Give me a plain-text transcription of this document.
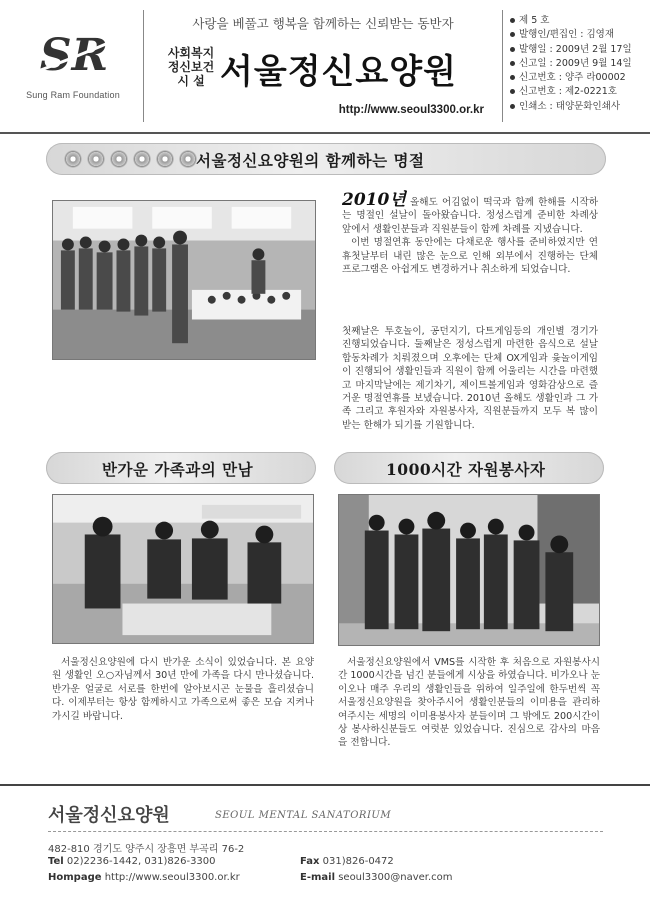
SR
Sung Ram Foundation
사랑을 베풀고 행복을 함께하는 신뢰받는 동반자
사회복지
정신보건
시 설 서울정신요양원
http://www.seoul3300.or.kr
제 5 호
발행인/편집인 : 김영재
발행일 : 2009년 2월 17일
신고일 : 2009년 9월 14일
신고번호 : 양주 라00002
신고번호 : 제2-0221호
인쇄소 : 태양문화인쇄사
서울정신요양원의 함께하는 명절
2010년 올해도 어김없이 떡국과 함께 한해를 시작하는 명절인 설날이 돌아왔습니다. 정성스럽게 준비한 차례상 앞에서 생활인분들과 직원분들이 함께 차례를 지냈습니다.
이번 명절연휴 동안에는 다채로운 행사를 준비하였지만 연휴첫날부터 내린 많은 눈으로 인해 외부에서 진행하는 단체 프로그램은 아쉽게도 변경하거나 취소하게 되었습니다.
첫째날은 투호놀이, 공던지기, 다트게임등의 개인별 경기가 진행되었습니다. 둘째날은 정성스럽게 마련한 음식으로 설날 합동차례가 치뤄졌으며 오후에는 단체 OX게임과 윷놀이게임이 진행되어 생활인들과 직원이 함께 어울리는 시간을 마련했고 마지막날에는 제기차기, 제이트볼게임과 영화감상으로 즐거운 명절연휴를 보냈습니다. 2010년 올해도 생활인과 그 가족 그리고 후원자와 자원봉사자, 직원분들까지 모두 복 많이 받는 한해가 되기를 기원합니다.
반가운 가족과의 만남	1000시간 자원봉사자
서울정신요양원에 다시 반가운 소식이 있었습니다. 본 요양원 생활인 오○자님께서 30년 만에 가족을 다시 만나셨습니다. 반가운 얼굴로 서로를 한번에 알아보시곤 눈물을 흘리셨습니다. 이제부터는 항상 함께하시고 가족으로써 좋은 모습 지켜나가시길 바랍니다.
서울정신요양원에서 VMS를 시작한 후 처음으로 자원봉사시간 1000시간을 넘긴 분들에게 시상을 하였습니다. 비가오나 눈이오나 매주 우리의 생활인들을 위하여 일주일에 한두번씩 꼭 서울정신요양원을 찾아주시어 생활인분들의 이미용을 관리하여주시는 세명의 이미용봉사자 분들이며 그 밖에도 200시간이상 봉사하신분들도 여럿분 있었습니다. 진심으로 감사의 마음을 전합니다.
서울정신요양원	SEOUL MENTAL SANATORIUM
482-810 경기도 양주시 장흥면 부곡리 76-2
Tel 02)2236-1442, 031)826-3300	Fax 031)826-0472
Hompage http://www.seoul3300.or.kr	E-mail seoul3300@naver.com
